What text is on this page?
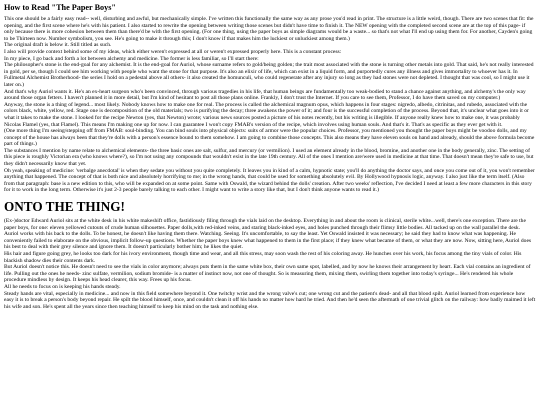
How to Read "The Paper Boys"

This one should be a fairly easy read-- well, disturbing and awful, but mechanically simple. I've written this functionally the same way as any prose you'd read in print. The structure is a little weird, though. There are two scenes that fit: the opening, and the first scene where he's with his patient. I also started to rewrite the opening between writing those scenes but didn't have time to finish it. The NEW opening with the completed second scene are at the top of this page- if only because there is more cohesion between them than there'd be with the first opening. (For one thing, using the paper boys as simple diagrams would be a waste... so that's not what I'll end up using them for. For another, Cayden's going to be Thirteen now. Number symbolism, you see. He's going to make it through this; I don't know if that makes him the luckiest or unluckiest among them.)

The original draft is below it. Still titled as such.

I also will provide context behind some of my ideas, which either weren't expressed at all or weren't expressed properly here. This is a constant process:

In my piece, I go back and forth a lot between alchemy and medicine. The former is less familiar, so I'll start there:

The philosopher's stone is the end-goal for any alchemist. It is the end-goal for Auriol, whose surname refers to gold/being golden; the trait most associated with the stone is turning other metals into gold. That said, he's not really interested in gold, per se, though I could see him working with people who want the stone for that purpose. It's also an elixir of life, which can exist in a liquid form, and purportedly cures any illness and gives immortality to whoever has it. In Fullmetal Alchemist Brotherhood- the series I hold on a pedestal above all others- it also created the homunculi, who could regenerate after any injury so long as they had stones were not depleted. I thought that was cool, so I might use it later on.)

And that's why Auriol wants it. He's an ex-heart surgeon who's been convinced, through various tragedies in his life, that human beings are fundamentally too weak-bodied to stand a chance against anything, and alchemy's the only way around those organ fetters. I haven't planned it in more detail, but I'm kind of hesitant to post all those plans online. Frankly, I don't trust the Internet. If you care to see them, Professor, I do have them saved on my computer.)

Anyway, the stone is a thing of legend... most likely. Nobody knows how to make one for real. The process is called the alchemical magnum opus, which happens in four stages: nigredo, albedo, citrinitas, and rubedo, associated with the colors black, white, yellow, red. Stage one is decomposition of the old materials; two is purifying the decay; three awakens the power of it; and four is the successful completion of the process. Beyond that, it's unclear what goes into it or what it takes to make the stone. I looked for the recipe Newton (yes, that Newton) wrote; various news sources posted a picture of his notes recently, but his writing is illegible. If anyone really knew how to make one, it was probably Nicolas Flamel (yes, that Flamel). This means I'm making one up for now. I can guarantee I won't copy FMAB's version of the recipe, which involves using human souls. And that's it. That's as specific as they ever get with it.

(One more thing I'm seeing/stepping off from FMAB: soul-binding. You can bind souls into physical objects: suits of armor were the popular choices. Professor, you mentioned you thought the paper boys might be voodoo dolls, and my concept of the house has always been that they're dolls with a person's essence bound to them somehow. I am going to combine those concepts. This also means they have eleven souls on hand and already, should the above formula become part of things.)

The substances I mention by name relate to alchemical elements- the three basic ones are salt, sulfur, and mercury (or vermilion). I used an element already in the blood, bromine, and another one in the body generally, zinc. The setting of this piece is roughly Victorian era (who knows where?), so I'm not using any compounds that wouldn't exist in the late 19th century. All of the ones I mention are/were used in medicine at that time. That doesn't mean they're safe to use, but they didn't necessarily know that yet.

Oh yeah, speaking of medicine: 'verbalge anecdotal' is when they sedate you without you quite completely. It leaves you in kind of a calm, hypnotic state; you'll do anything the doctor says, and once you come out of it, you won't remember anything that happened. The concept of that is both nice and absolutely horrifying to me; in the wrong hands, that could be used for something absolutely evil. By Hollywood hypnosis logic, anyway. I also just like the term itself. (Also from that paragraph: base is a new edition to this, who will be expanded on at some point. Same with Oswald, the wizard behind the dolls' creation. After two weeks' reflection, I've decided I need at least a few more characters in this story for it to work in the long term. Otherwise it's just 2-3 people barely talking to each other. I might want to write a story like that, but I don't think anyone wants to read it.)

ONTO THE THING!

(Ex-)doctor Edward Auriol sits at the white desk in his white makeshift office, fastidiously filing through the vials laid on the desktop. Everything in and about the room is clinical, sterile white...well, there's one exception. There are the paper boys, for one: eleven yellowed cutouts of crude human silhouettes. Paper dolls,with red-inked veins, and staring black-inked eyes, and holes punched through their flimsy little bodies. All tacked up on the wall parallel the desk.

Auriol works with his back to the dolls. To be honest, he doesn't like having them there. Watching. Seeing. It's uncomfortable, to say the least. Yet Oswald insisted it was necessary; he said they had to know what was happening. He conveniently failed to elaborate on the obvious, implicit follow-up questions. Whether the paper boys knew what happened to them in the first place; if they knew what became of them, or what they are now. Now, sitting here, Auriol does his best to deal with their grey silence and ignore them. It doesn't particularly bother him; he likes the quiet.

His hair and figure going grey, he looks too dark for his ivory environment, though time and wear, and all this stress, may soon wash the rest of his coloring away. He hunches over his work, his focus among the tiny vials of color. His blackish shadow dies their contents dark.

But Auriol doesn't notice this. He doesn't need to see the vials in color anymore; always puts them in the same white box, their own same spot, labelled, and by now he knows their arrangement by heart. Each vial contains an ingredient of life. Pulling out the ones he needs- zinc sulfate, vermilion, sodium bromide- is a matter of instinct now, not one of thought. So is measuring them, mixing them, swirling them together into today's syringe... He's rendered his whole procedure mindless by design. It keeps his head clearer, this way. Frees up his focus.

All he needs to focus on is keeping his hands steady.

Steady hands are vital, especially in medicine... and now in this field somewhere beyond it. One twitchy wrist and the wrong valve's cut; one wrong cut and the patient's dead- and all that blood spilt. Auriol learned from experience how easy it is to break a person's body beyond repair. He spilt the blood himself, once, and couldn't clean it off his hands no matter how hard he tried. And then he'd seen the aftermath of one trivial glitch on the railway: how badly maimed it left his wife and son. He's spent all the years since then teaching himself to keep his mind on the task and nothing else.
